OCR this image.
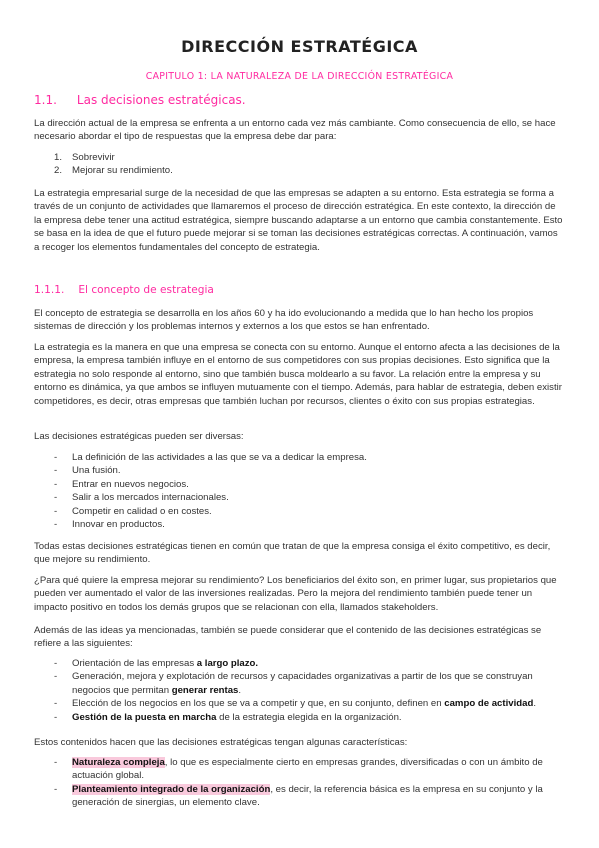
DIRECCIÓN ESTRATÉGICA
CAPITULO 1: LA NATURALEZA DE LA DIRECCIÓN ESTRATÉGICA
1.1. Las decisiones estratégicas.

La dirección actual de la empresa se enfrenta a un entorno cada vez más cambiante. Como consecuencia de ello, se hace necesario abordar el tipo de respuestas que la empresa debe dar para:

1. Sobrevivir
2. Mejorar su rendimiento.

La estrategia empresarial surge de la necesidad de que las empresas se adapten a su entorno. Esta estrategia se forma a través de un conjunto de actividades que llamaremos el proceso de dirección estratégica. En este contexto, la dirección de la empresa debe tener una actitud estratégica, siempre buscando adaptarse a un entorno que cambia constantemente. Esto se basa en la idea de que el futuro puede mejorar si se toman las decisiones estratégicas correctas. A continuación, vamos a recoger los elementos fundamentales del concepto de estrategia.

1.1.1. El concepto de estrategia

El concepto de estrategia se desarrolla en los años 60 y ha ido evolucionando a medida que lo han hecho los propios sistemas de dirección y los problemas internos y externos a los que estos se han enfrentado.

La estrategia es la manera en que una empresa se conecta con su entorno. Aunque el entorno afecta a las decisiones de la empresa, la empresa también influye en el entorno de sus competidores con sus propias decisiones. Esto significa que la estrategia no solo responde al entorno, sino que también busca moldearlo a su favor. La relación entre la empresa y su entorno es dinámica, ya que ambos se influyen mutuamente con el tiempo. Además, para hablar de estrategia, deben existir competidores, es decir, otras empresas que también luchan por recursos, clientes o éxito con sus propias estrategias.

Las decisiones estratégicas pueden ser diversas:

- La definición de las actividades a las que se va a dedicar la empresa.
- Una fusión.
- Entrar en nuevos negocios.
- Salir a los mercados internacionales.
- Competir en calidad o en costes.
- Innovar en productos.

Todas estas decisiones estratégicas tienen en común que tratan de que la empresa consiga el éxito competitivo, es decir, que mejore su rendimiento.

¿Para qué quiere la empresa mejorar su rendimiento? Los beneficiarios del éxito son, en primer lugar, sus propietarios que pueden ver aumentado el valor de las inversiones realizadas. Pero la mejora del rendimiento también puede tener un impacto positivo en todos los demás grupos que se relacionan con ella, llamados stakeholders.

Además de las ideas ya mencionadas, también se puede considerar que el contenido de las decisiones estratégicas se refiere a las siguientes:

- Orientación de las empresas a largo plazo.
- Generación, mejora y explotación de recursos y capacidades organizativas a partir de los que se construyan negocios que permitan generar rentas.
- Elección de los negocios en los que se va a competir y que, en su conjunto, definen en campo de actividad.
- Gestión de la puesta en marcha de la estrategia elegida en la organización.

Estos contenidos hacen que las decisiones estratégicas tengan algunas características:

- Naturaleza compleja, lo que es especialmente cierto en empresas grandes, diversificadas o con un ámbito de actuación global.
- Planteamiento integrado de la organización, es decir, la referencia básica es la empresa en su conjunto y la generación de sinergias, un elemento clave.
